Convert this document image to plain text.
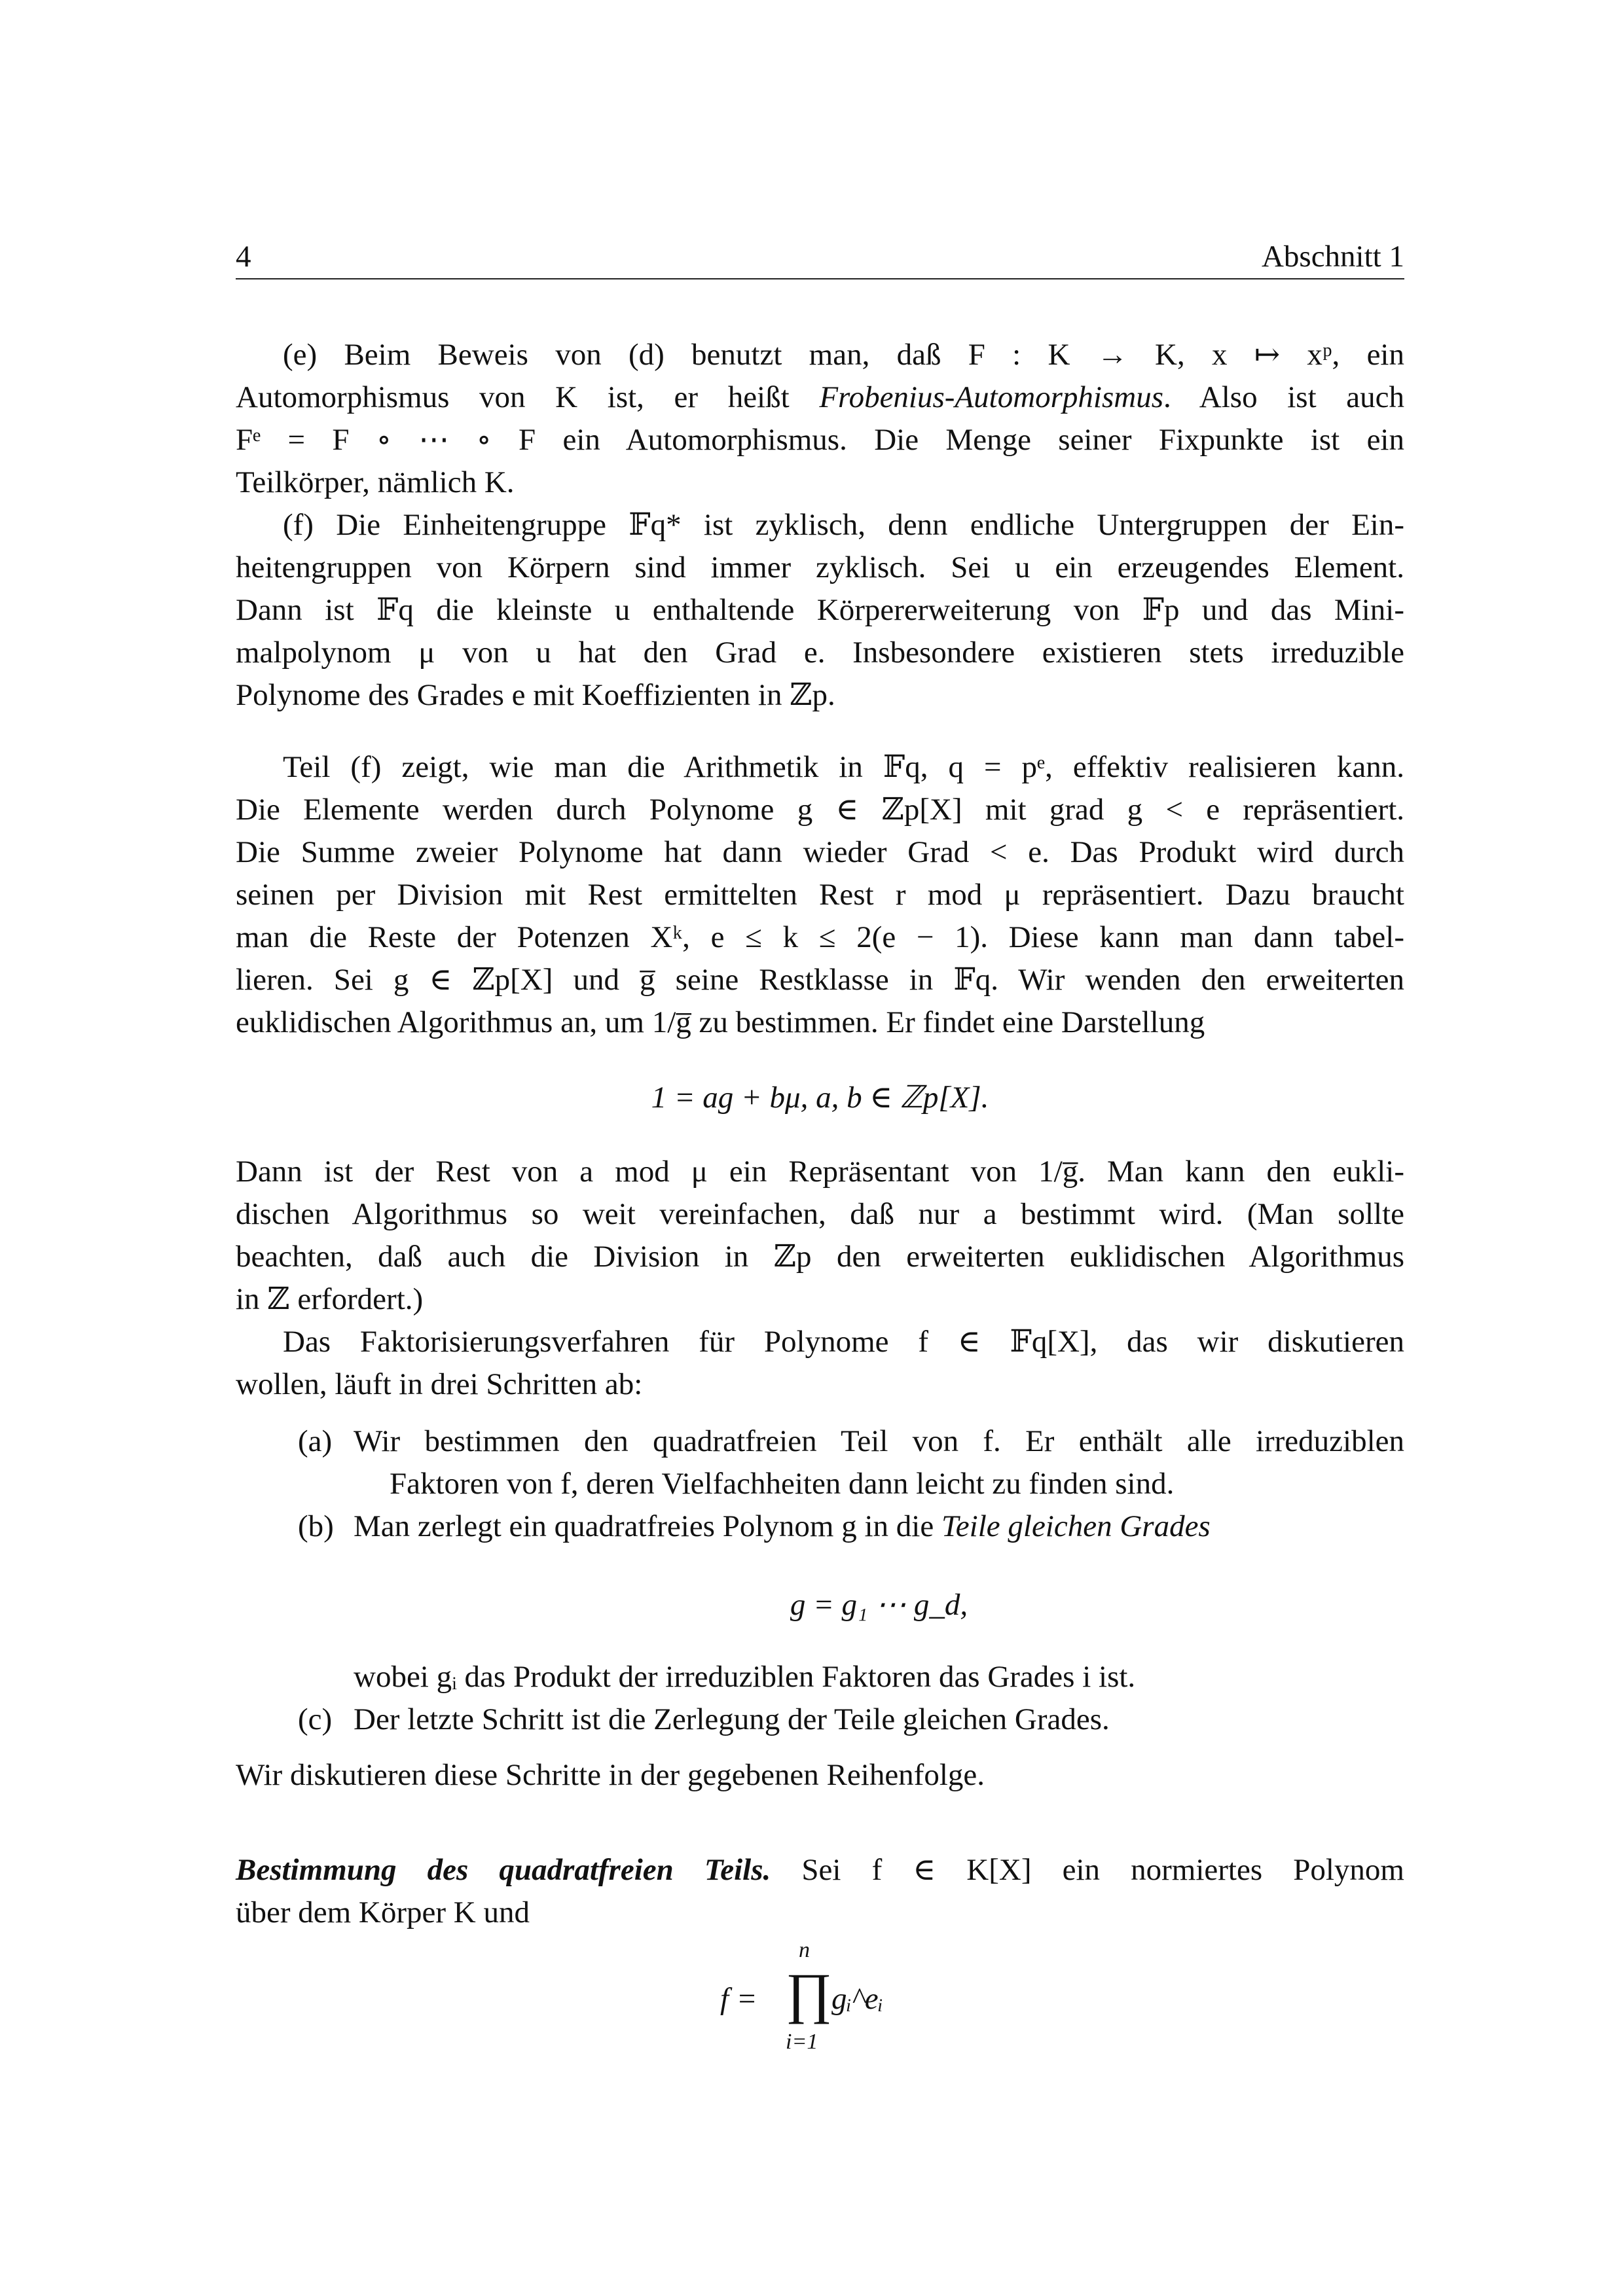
4	Abschnitt 1
(e) Beim Beweis von (d) benutzt man, daß F : K → K, x ↦ xᵖ, ein
Automorphismus von K ist, er heißt Frobenius-Automorphismus. Also ist auch
Fᵉ = F ∘ ⋯ ∘ F ein Automorphismus. Die Menge seiner Fixpunkte ist ein
Teilkörper, nämlich K.
(f) Die Einheitengruppe 𝔽q* ist zyklisch, denn endliche Untergruppen der Ein-
heitengruppen von Körpern sind immer zyklisch. Sei u ein erzeugendes Element.
Dann ist 𝔽q die kleinste u enthaltende Körpererweiterung von 𝔽p und das Mini-
malpolynom μ von u hat den Grad e. Insbesondere existieren stets irreduzible
Polynome des Grades e mit Koeffizienten in ℤp.
Teil (f) zeigt, wie man die Arithmetik in 𝔽q, q = pᵉ, effektiv realisieren kann.
Die Elemente werden durch Polynome g ∈ ℤp[X] mit grad g < e repräsentiert.
Die Summe zweier Polynome hat dann wieder Grad < e. Das Produkt wird durch
seinen per Division mit Rest ermittelten Rest r mod μ repräsentiert. Dazu braucht
man die Reste der Potenzen Xᵏ, e ≤ k ≤ 2(e − 1). Diese kann man dann tabel-
lieren. Sei g ∈ ℤp[X] und g̅ seine Restklasse in 𝔽q. Wir wenden den erweiterten
euklidischen Algorithmus an, um 1/g̅ zu bestimmen. Er findet eine Darstellung
1 = ag + bμ, a, b ∈ ℤp[X].
Dann ist der Rest von a mod μ ein Repräsentant von 1/g̅. Man kann den eukli-
dischen Algorithmus so weit vereinfachen, daß nur a bestimmt wird. (Man sollte
beachten, daß auch die Division in ℤp den erweiterten euklidischen Algorithmus
in ℤ erfordert.)
Das Faktorisierungsverfahren für Polynome f ∈ 𝔽q[X], das wir diskutieren
wollen, läuft in drei Schritten ab:
(a) Wir bestimmen den quadratfreien Teil von f. Er enthält alle irreduziblen
Faktoren von f, deren Vielfachheiten dann leicht zu finden sind.
(b) Man zerlegt ein quadratfreies Polynom g in die Teile gleichen Grades
g = g₁ ⋯ g_d,
wobei gᵢ das Produkt der irreduziblen Faktoren das Grades i ist.
(c) Der letzte Schritt ist die Zerlegung der Teile gleichen Grades.
Wir diskutieren diese Schritte in der gegebenen Reihenfolge.
Bestimmung des quadratfreien Teils. Sei f ∈ K[X] ein normiertes Polynom
über dem Körper K und
f =
n
∏
i=1
gᵢ^eᵢ
